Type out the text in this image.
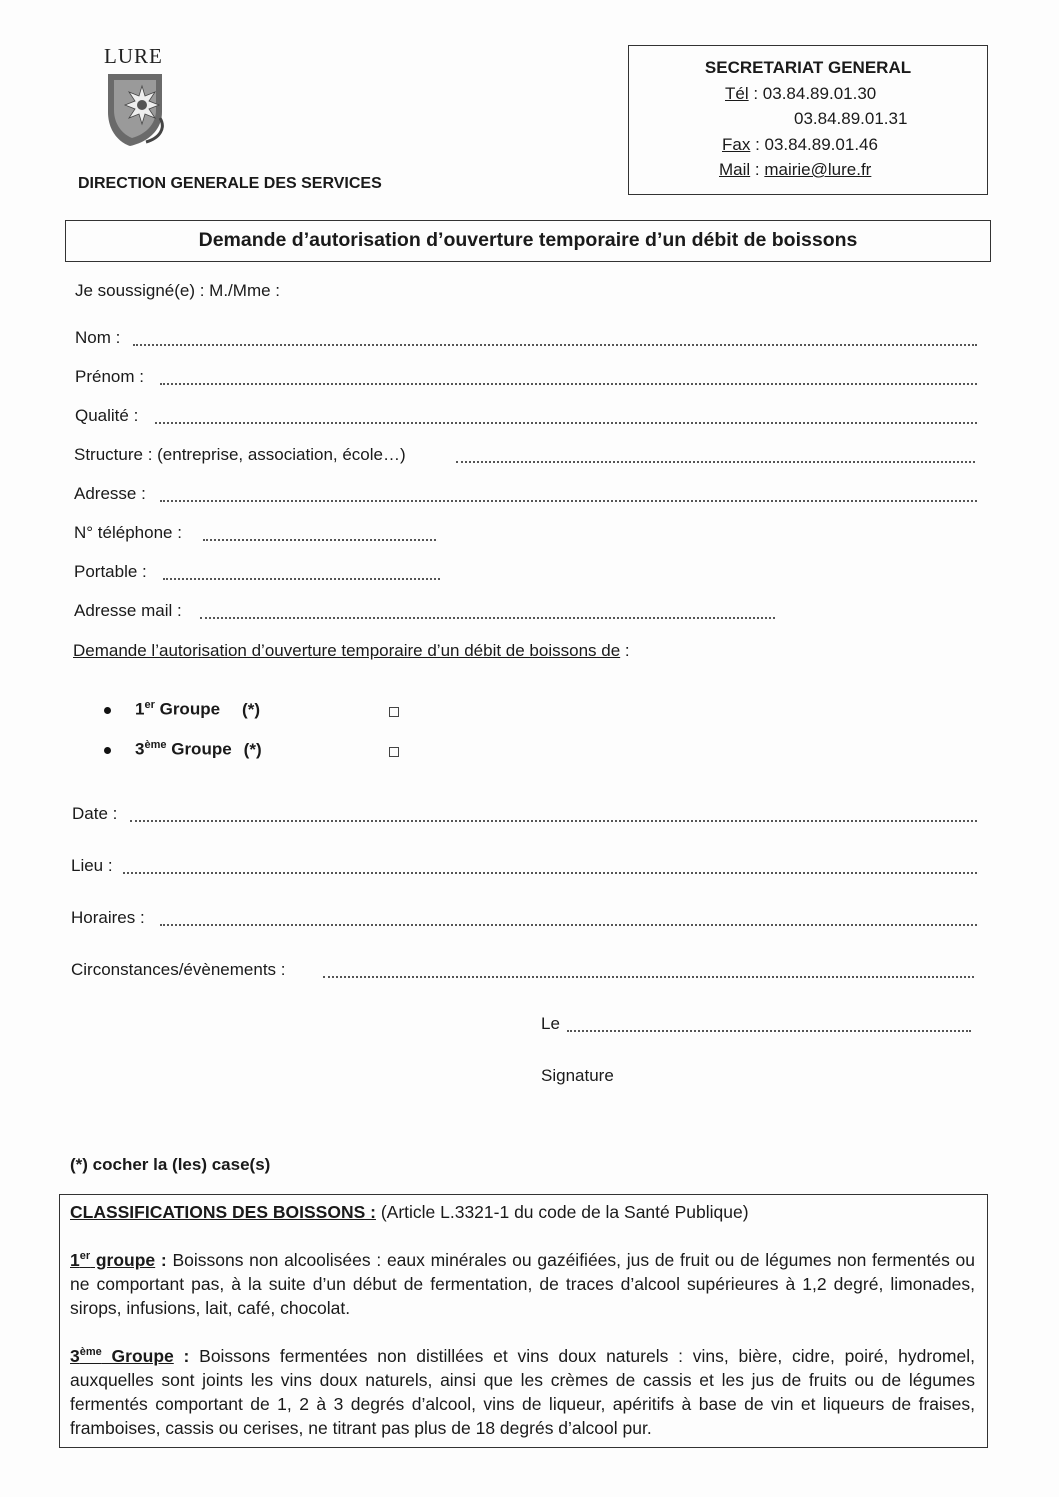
LURE
DIRECTION GENERALE DES SERVICES
SECRETARIAT GENERAL
Tél : 03.84.89.01.30
03.84.89.01.31
Fax : 03.84.89.01.46
Mail : mairie@lure.fr
Demande d’autorisation d’ouverture temporaire d’un débit de boissons
Je soussigné(e) : M./Mme :
Nom :
Prénom :
Qualité :
Structure : (entreprise, association, école…)
Adresse :
N° téléphone :
Portable :
Adresse mail :
Demande l’autorisation d’ouverture temporaire d’un débit de boissons de :
1er Groupe (*)
3ème Groupe (*)
Date :
Lieu :
Horaires :
Circonstances/évènements :
Le
Signature
(*) cocher la (les) case(s)

CLASSIFICATIONS DES BOISSONS : (Article L.3321-1 du code de la Santé Publique)

1er groupe : Boissons non alcoolisées : eaux minérales ou gazéifiées, jus de fruit ou de légumes non fermentés ou ne comportant pas, à la suite d’un début de fermentation, de traces d’alcool supérieures à 1,2 degré, limonades, sirops, infusions, lait, café, chocolat.

3ème Groupe : Boissons fermentées non distillées et vins doux naturels : vins, bière, cidre, poiré, hydromel, auxquelles sont joints les vins doux naturels, ainsi que les crèmes de cassis et les jus de fruits ou de légumes fermentés comportant de 1, 2 à 3 degrés d’alcool, vins de liqueur, apéritifs à base de vin et liqueurs de fraises, framboises, cassis ou cerises, ne titrant pas plus de 18 degrés d’alcool pur.
